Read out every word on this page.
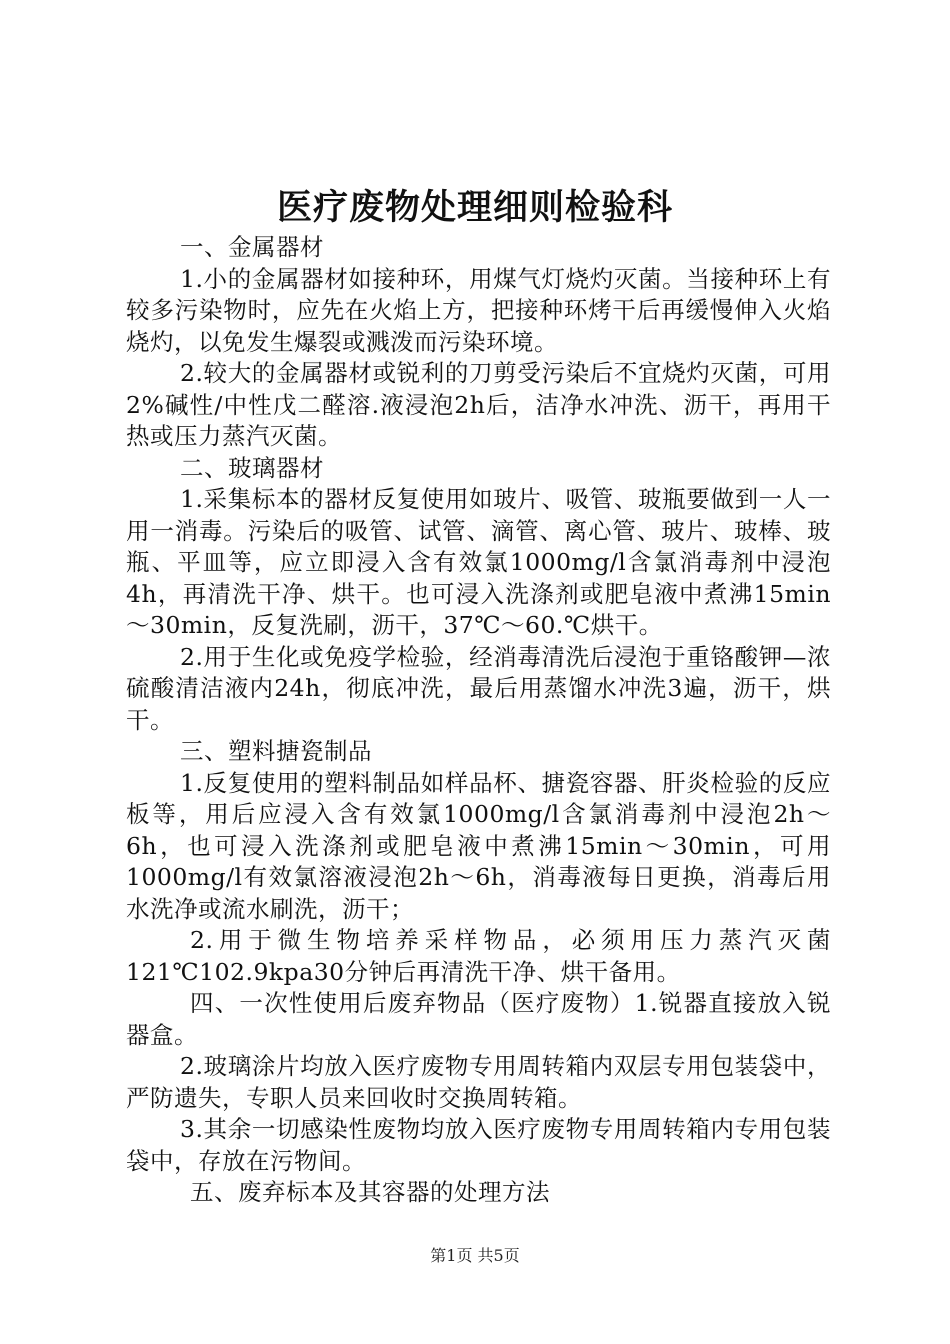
医疗废物处理细则检验科

一、金属器材

1.小的金属器材如接种环，用煤气灯烧灼灭菌。当接种环上有较多污染物时，应先在火焰上方，把接种环烤干后再缓慢伸入火焰烧灼，以免发生爆裂或溅泼而污染环境。

2.较大的金属器材或锐利的刀剪受污染后不宜烧灼灭菌，可用2%碱性/中性戊二醛溶.液浸泡2h后，洁净水冲洗、沥干，再用干热或压力蒸汽灭菌。

二、玻璃器材

1.采集标本的器材反复使用如玻片、吸管、玻瓶要做到一人一用一消毒。污染后的吸管、试管、滴管、离心管、玻片、玻棒、玻瓶、平皿等，应立即浸入含有效氯1000mg/l含氯消毒剂中浸泡4h，再清洗干净、烘干。也可浸入洗涤剂或肥皂液中煮沸15min～30min，反复洗刷，沥干，37℃～60.℃烘干。

2.用于生化或免疫学检验，经消毒清洗后浸泡于重铬酸钾—浓硫酸清洁液内24h，彻底冲洗，最后用蒸馏水冲洗3遍，沥干，烘干。

三、塑料搪瓷制品

1.反复使用的塑料制品如样品杯、搪瓷容器、肝炎检验的反应板等，用后应浸入含有效氯1000mg/l含氯消毒剂中浸泡2h～6h，也可浸入洗涤剂或肥皂液中煮沸15min～30min，可用1000mg/l有效氯溶液浸泡2h～6h，消毒液每日更换，消毒后用水洗净或流水刷洗，沥干；

2.用于微生物培养采样物品，必须用压力蒸汽灭菌121℃102.9kpa30分钟后再清洗干净、烘干备用。

四、一次性使用后废弃物品（医疗废物）1.锐器直接放入锐器盒。

2.玻璃涂片均放入医疗废物专用周转箱内双层专用包装袋中，严防遗失，专职人员来回收时交换周转箱。

3.其余一切感染性废物均放入医疗废物专用周转箱内专用包装袋中，存放在污物间。

五、废弃标本及其容器的处理方法

第1页 共5页
